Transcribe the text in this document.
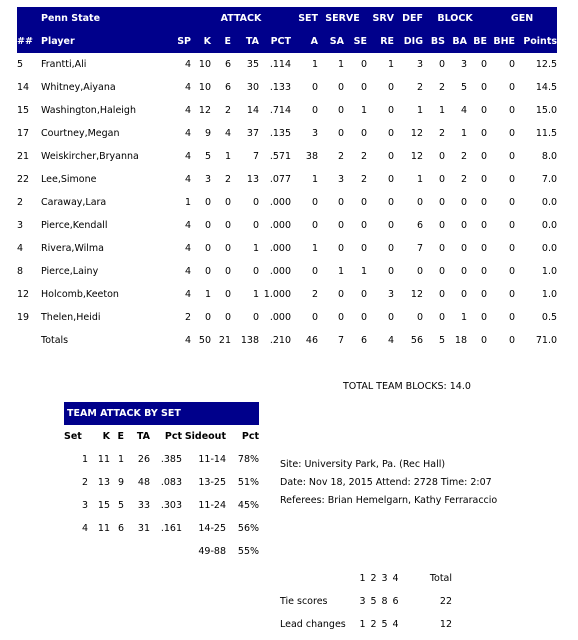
	Penn State		ATTACK				SET	SERVE		SRV	DEF	BLOCK			GEN	
##	Player	SP	K	E	TA	PCT	A	SA	SE	RE	DIG	BS	BA	BE	BHE	Points
5	Frantti,Ali	4	10	6	35	.114	1	1	0	1	3	0	3	0	0	12.5
14	Whitney,Aiyana	4	10	6	30	.133	0	0	0	0	2	2	5	0	0	14.5
15	Washington,Haleigh	4	12	2	14	.714	0	0	1	0	1	1	4	0	0	15.0
17	Courtney,Megan	4	9	4	37	.135	3	0	0	0	12	2	1	0	0	11.5
21	Weiskircher,Bryanna	4	5	1	7	.571	38	2	2	0	12	0	2	0	0	8.0
22	Lee,Simone	4	3	2	13	.077	1	3	2	0	1	0	2	0	0	7.0
2	Caraway,Lara	1	0	0	0	.000	0	0	0	0	0	0	0	0	0	0.0
3	Pierce,Kendall	4	0	0	0	.000	0	0	0	0	6	0	0	0	0	0.0
4	Rivera,Wilma	4	0	0	1	.000	1	0	0	0	7	0	0	0	0	0.0
8	Pierce,Lainy	4	0	0	0	.000	0	1	1	0	0	0	0	0	0	1.0
12	Holcomb,Keeton	4	1	0	1	1.000	2	0	0	3	12	0	0	0	0	1.0
19	Thelen,Heidi	2	0	0	0	.000	0	0	0	0	0	0	1	0	0	0.5
	Totals	4	50	21	138	.210	46	7	6	4	56	5	18	0	0	71.0
TOTAL TEAM BLOCKS: 14.0
TEAM ATTACK BY SET						
Set	K	E	TA	Pct	Sideout	Pct
1	11	1	26	.385	11-14	78%
2	13	9	48	.083	13-25	51%
3	15	5	33	.303	11-24	45%
4	11	6	31	.161	14-25	56%
					49-88	55%
Site: University Park, Pa. (Rec Hall)
Date: Nov 18, 2015 Attend: 2728 Time: 2:07
Referees: Brian Hemelgarn, Kathy Ferraraccio
	1	2	3	4	Total
Tie scores	3	5	8	6	22
Lead changes	1	2	5	4	12
